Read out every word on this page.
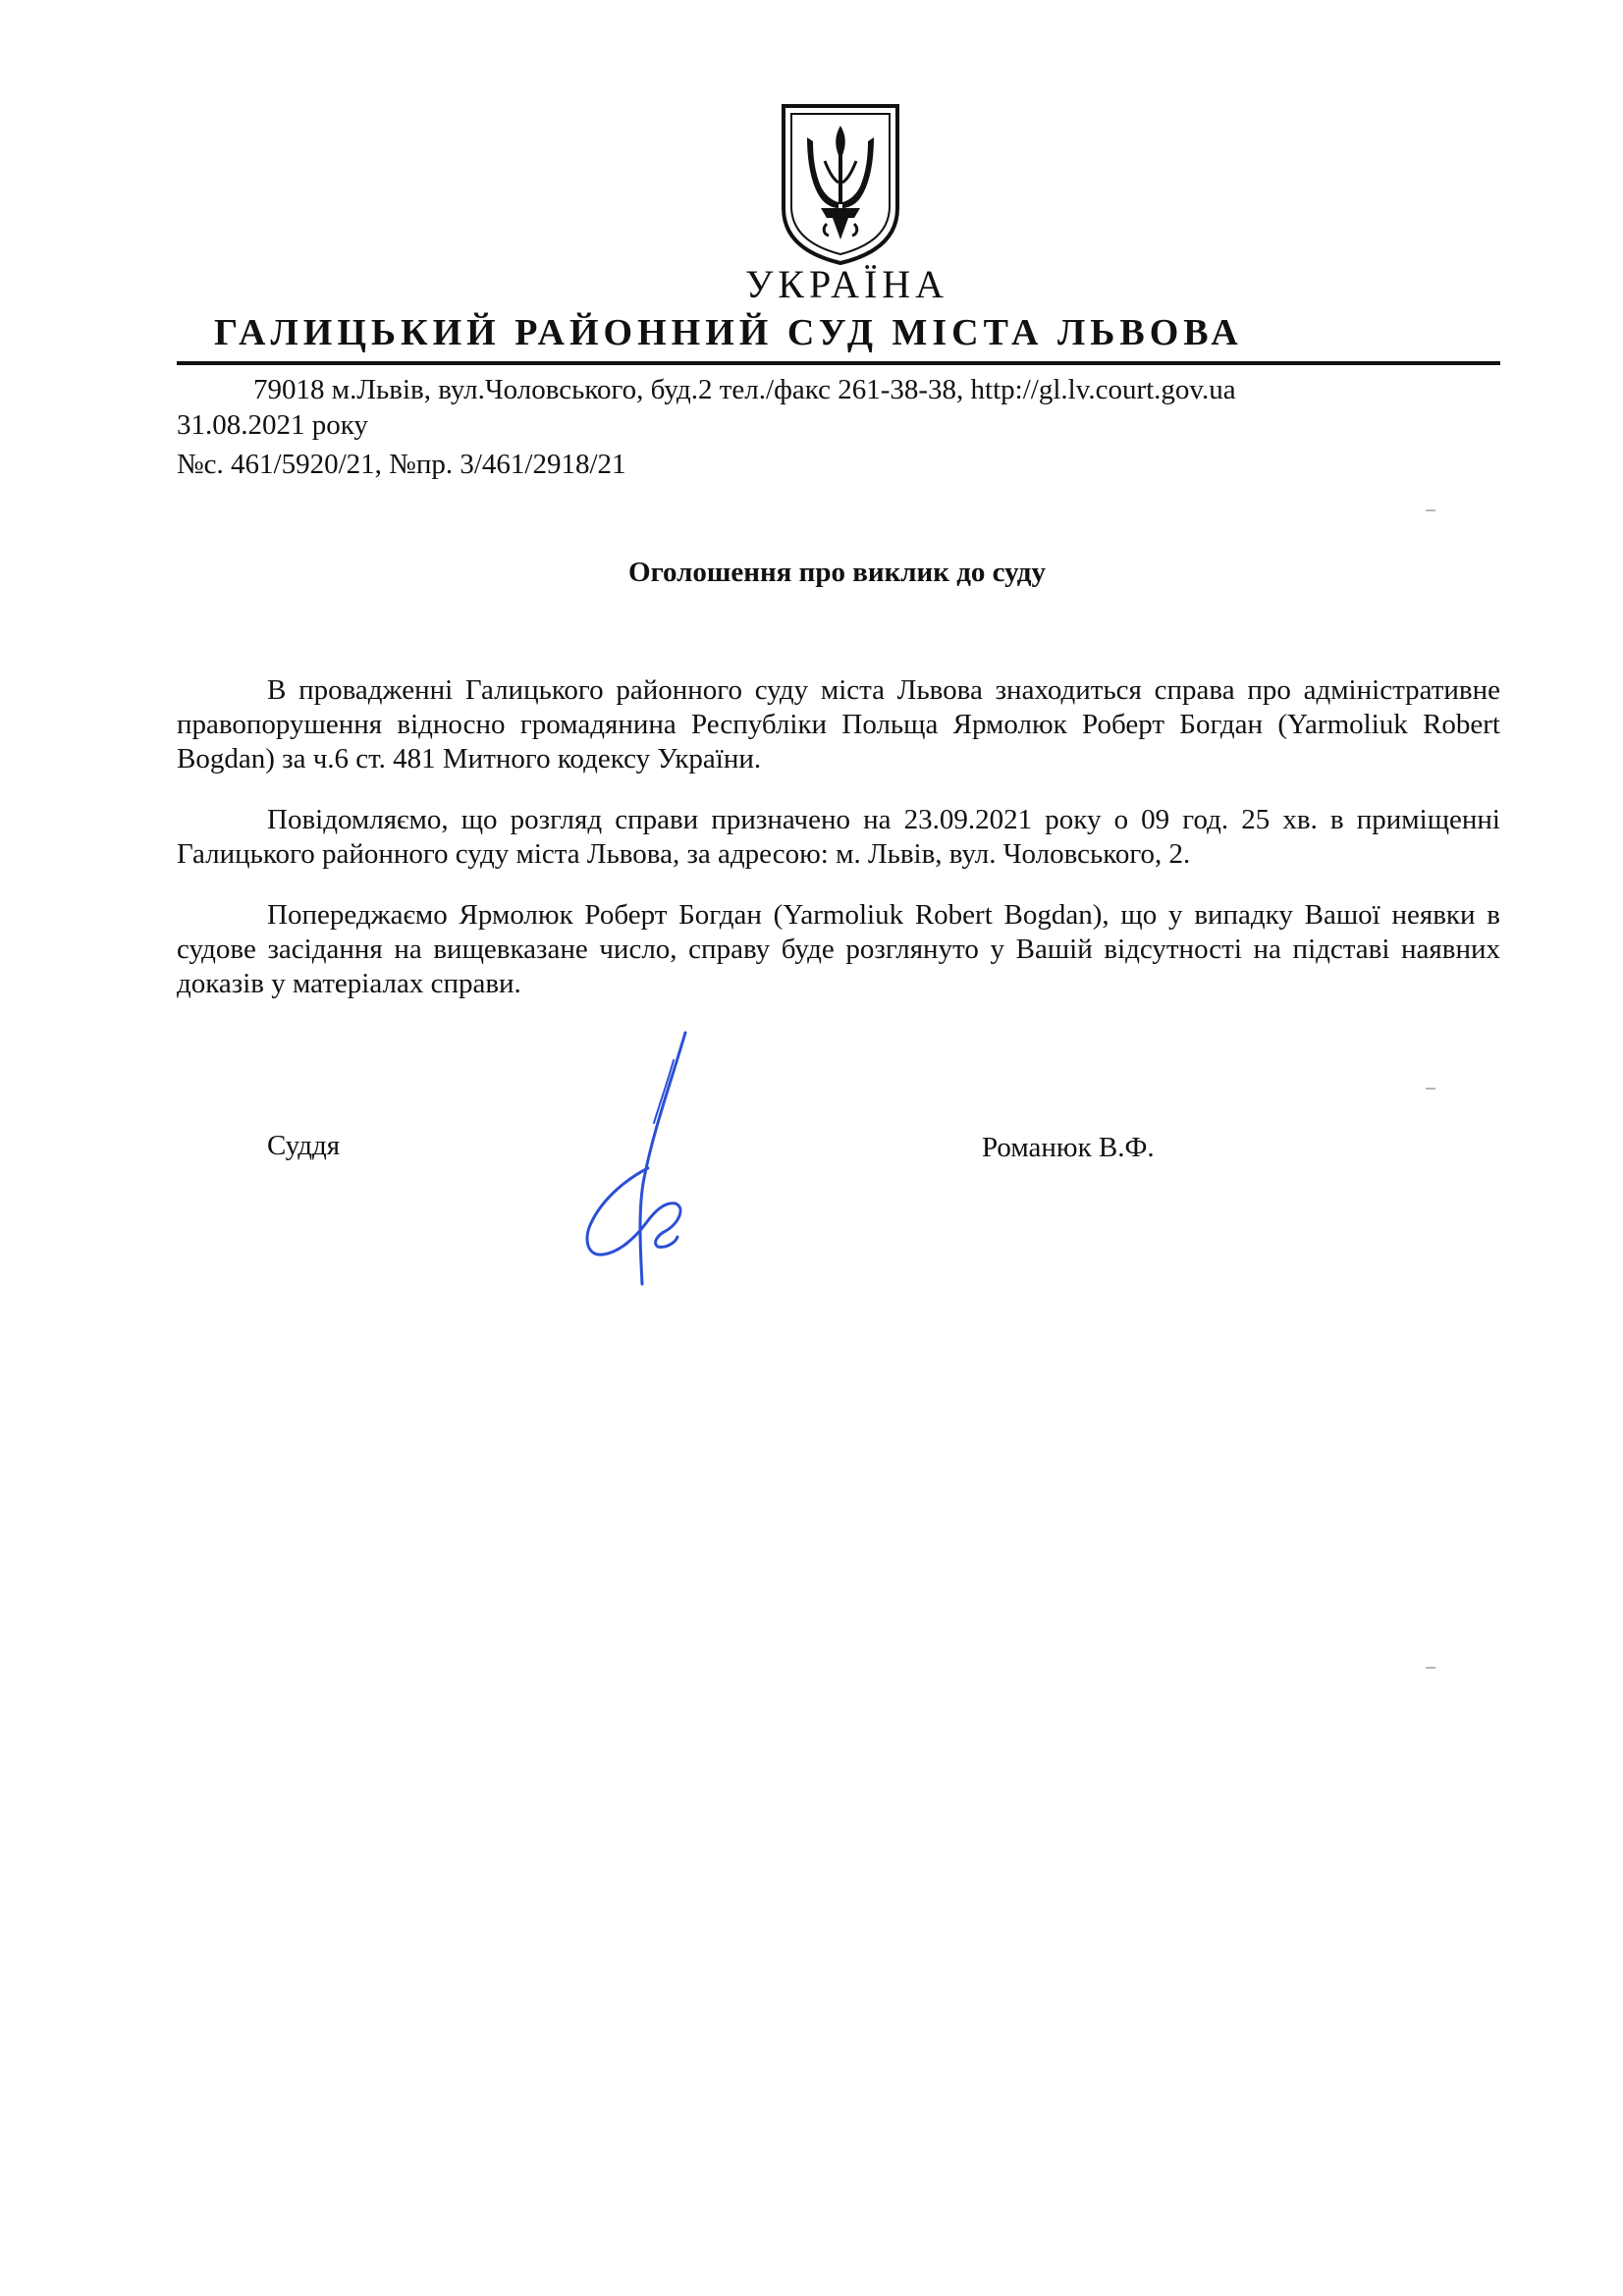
УКРАЇНА
ГАЛИЦЬКИЙ РАЙОННИЙ СУД МІСТА ЛЬВОВА
79018 м.Львів, вул.Чоловського, буд.2 тел./факс 261-38-38, http://gl.lv.court.gov.ua
31.08.2021 року
№с. 461/5920/21, №пр. 3/461/2918/21
Оголошення про виклик до суду

В провадженні Галицького районного суду міста Львова знаходиться справа про адміністративне правопорушення відносно громадянина Республіки Польща Ярмолюк Роберт Богдан (Yarmoliuk Robert Bogdan) за ч.6 ст. 481 Митного кодексу України.

Повідомляємо, що розгляд справи призначено на 23.09.2021 року о 09 год. 25 хв. в приміщенні Галицького районного суду міста Львова, за адресою: м. Львів, вул. Чоловського, 2.

Попереджаємо Ярмолюк Роберт Богдан (Yarmoliuk Robert Bogdan), що у випадку Вашої неявки в судове засідання на вищевказане число, справу буде розглянуто у Вашій відсутності на підставі наявних доказів у матеріалах справи.

Суддя	Романюк В.Ф.
